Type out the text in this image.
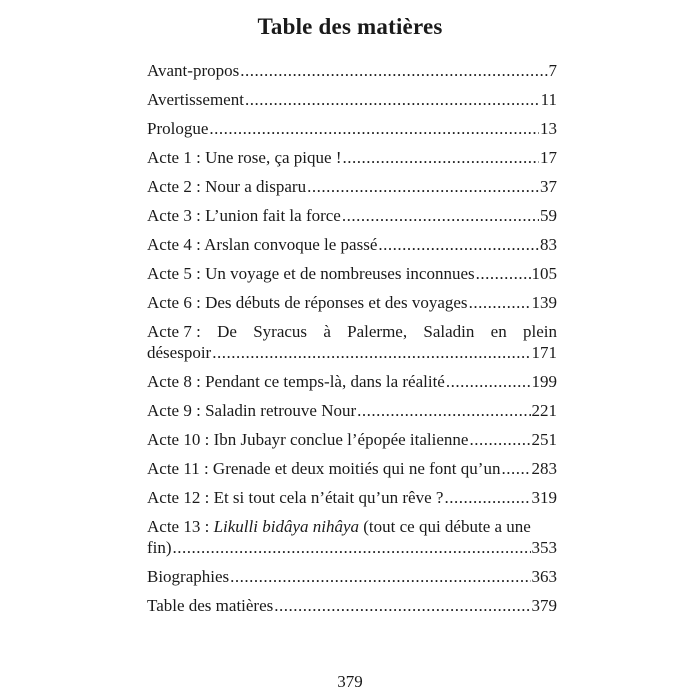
Table des matières
Avant-propos .....	7
Avertissement .....	11
Prologue .....	13
Acte 1 : Une rose, ça pique ! .....	17
Acte 2 : Nour a disparu .....	37
Acte 3 : L’union fait la force .....	59
Acte 4 : Arslan convoque le passé .....	83
Acte 5 : Un voyage et de nombreuses inconnues .....	105
Acte 6 : Des débuts de réponses et des voyages .....	139
Acte 7 : De Syracus à Palerme, Saladin en plein
désespoir .....	171
Acte 8 : Pendant ce temps-là, dans la réalité .....	199
Acte 9 : Saladin retrouve Nour .....	221
Acte 10 : Ibn Jubayr conclue l’épopée italienne .....	251
Acte 11 : Grenade et deux moitiés qui ne font qu’un ..... 283
Acte 12 : Et si tout cela n’était qu’un rêve ? .....	319
Acte 13 : Likulli bidâya nihâya (tout ce qui débute a une
fin) .....	353
Biographies .....	363
Table des matières .....	379
379
